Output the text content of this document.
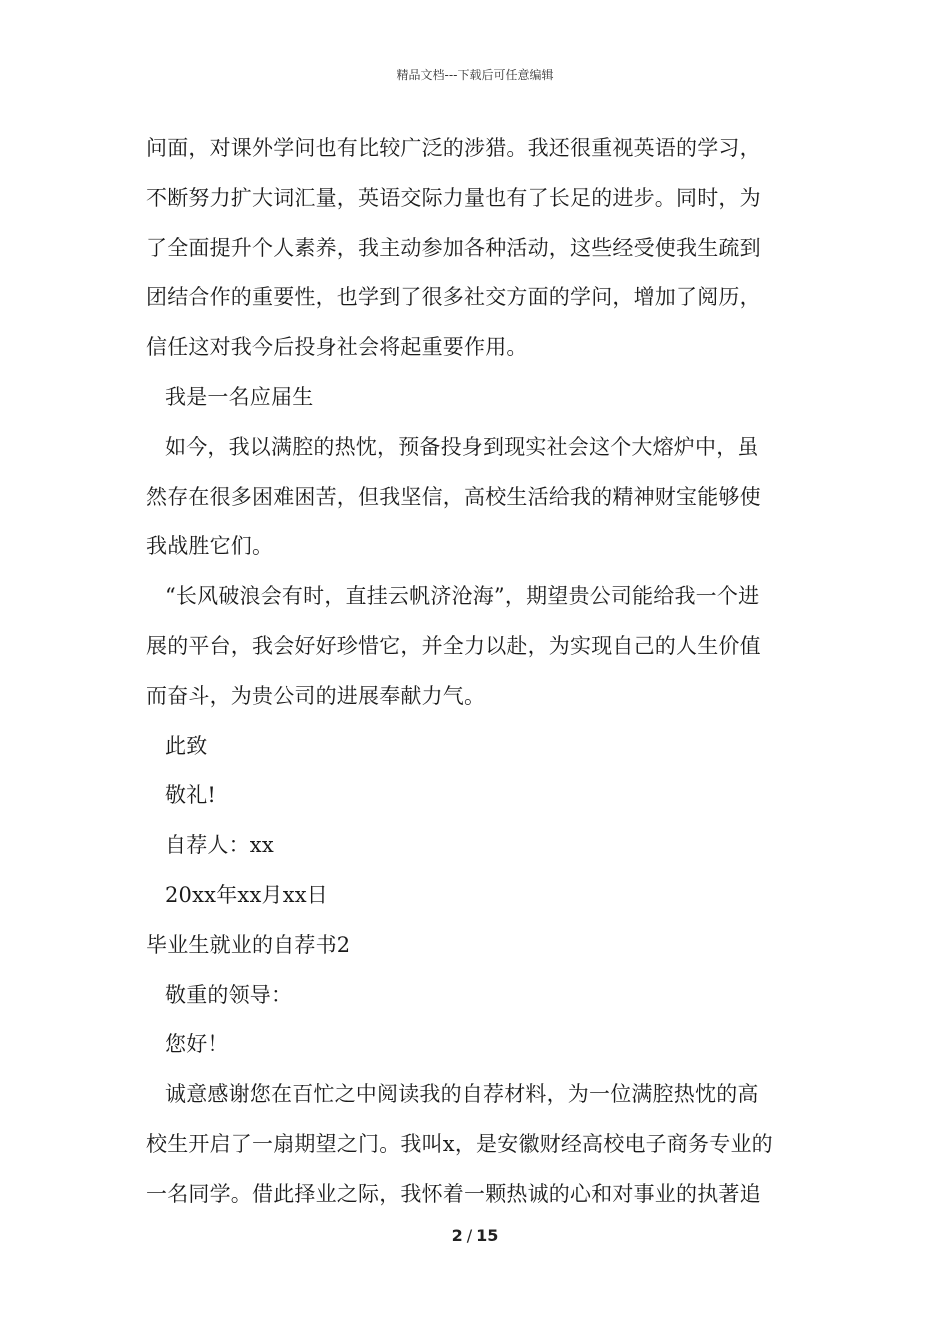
精品文档---下载后可任意编辑
问面，对课外学问也有比较广泛的涉猎。我还很重视英语的学习，
不断努力扩大词汇量，英语交际力量也有了长足的进步。同时，为
了全面提升个人素养，我主动参加各种活动，这些经受使我生疏到
团结合作的重要性，也学到了很多社交方面的学问，增加了阅历，
信任这对我今后投身社会将起重要作用。
我是一名应届生
如今，我以满腔的热忱，预备投身到现实社会这个大熔炉中，虽
然存在很多困难困苦，但我坚信，高校生活给我的精神财宝能够使
我战胜它们。
“长风破浪会有时，直挂云帆济沧海”，期望贵公司能给我一个进
展的平台，我会好好珍惜它，并全力以赴，为实现自己的人生价值
而奋斗，为贵公司的进展奉献力气。
此致
敬礼!
自荐人：xx
20xx年xx月xx日
毕业生就业的自荐书2
敬重的领导：
您好！
诚意感谢您在百忙之中阅读我的自荐材料，为一位满腔热忱的高
校生开启了一扇期望之门。我叫x，是安徽财经高校电子商务专业的
一名同学。借此择业之际，我怀着一颗热诚的心和对事业的执著追
2 / 15
